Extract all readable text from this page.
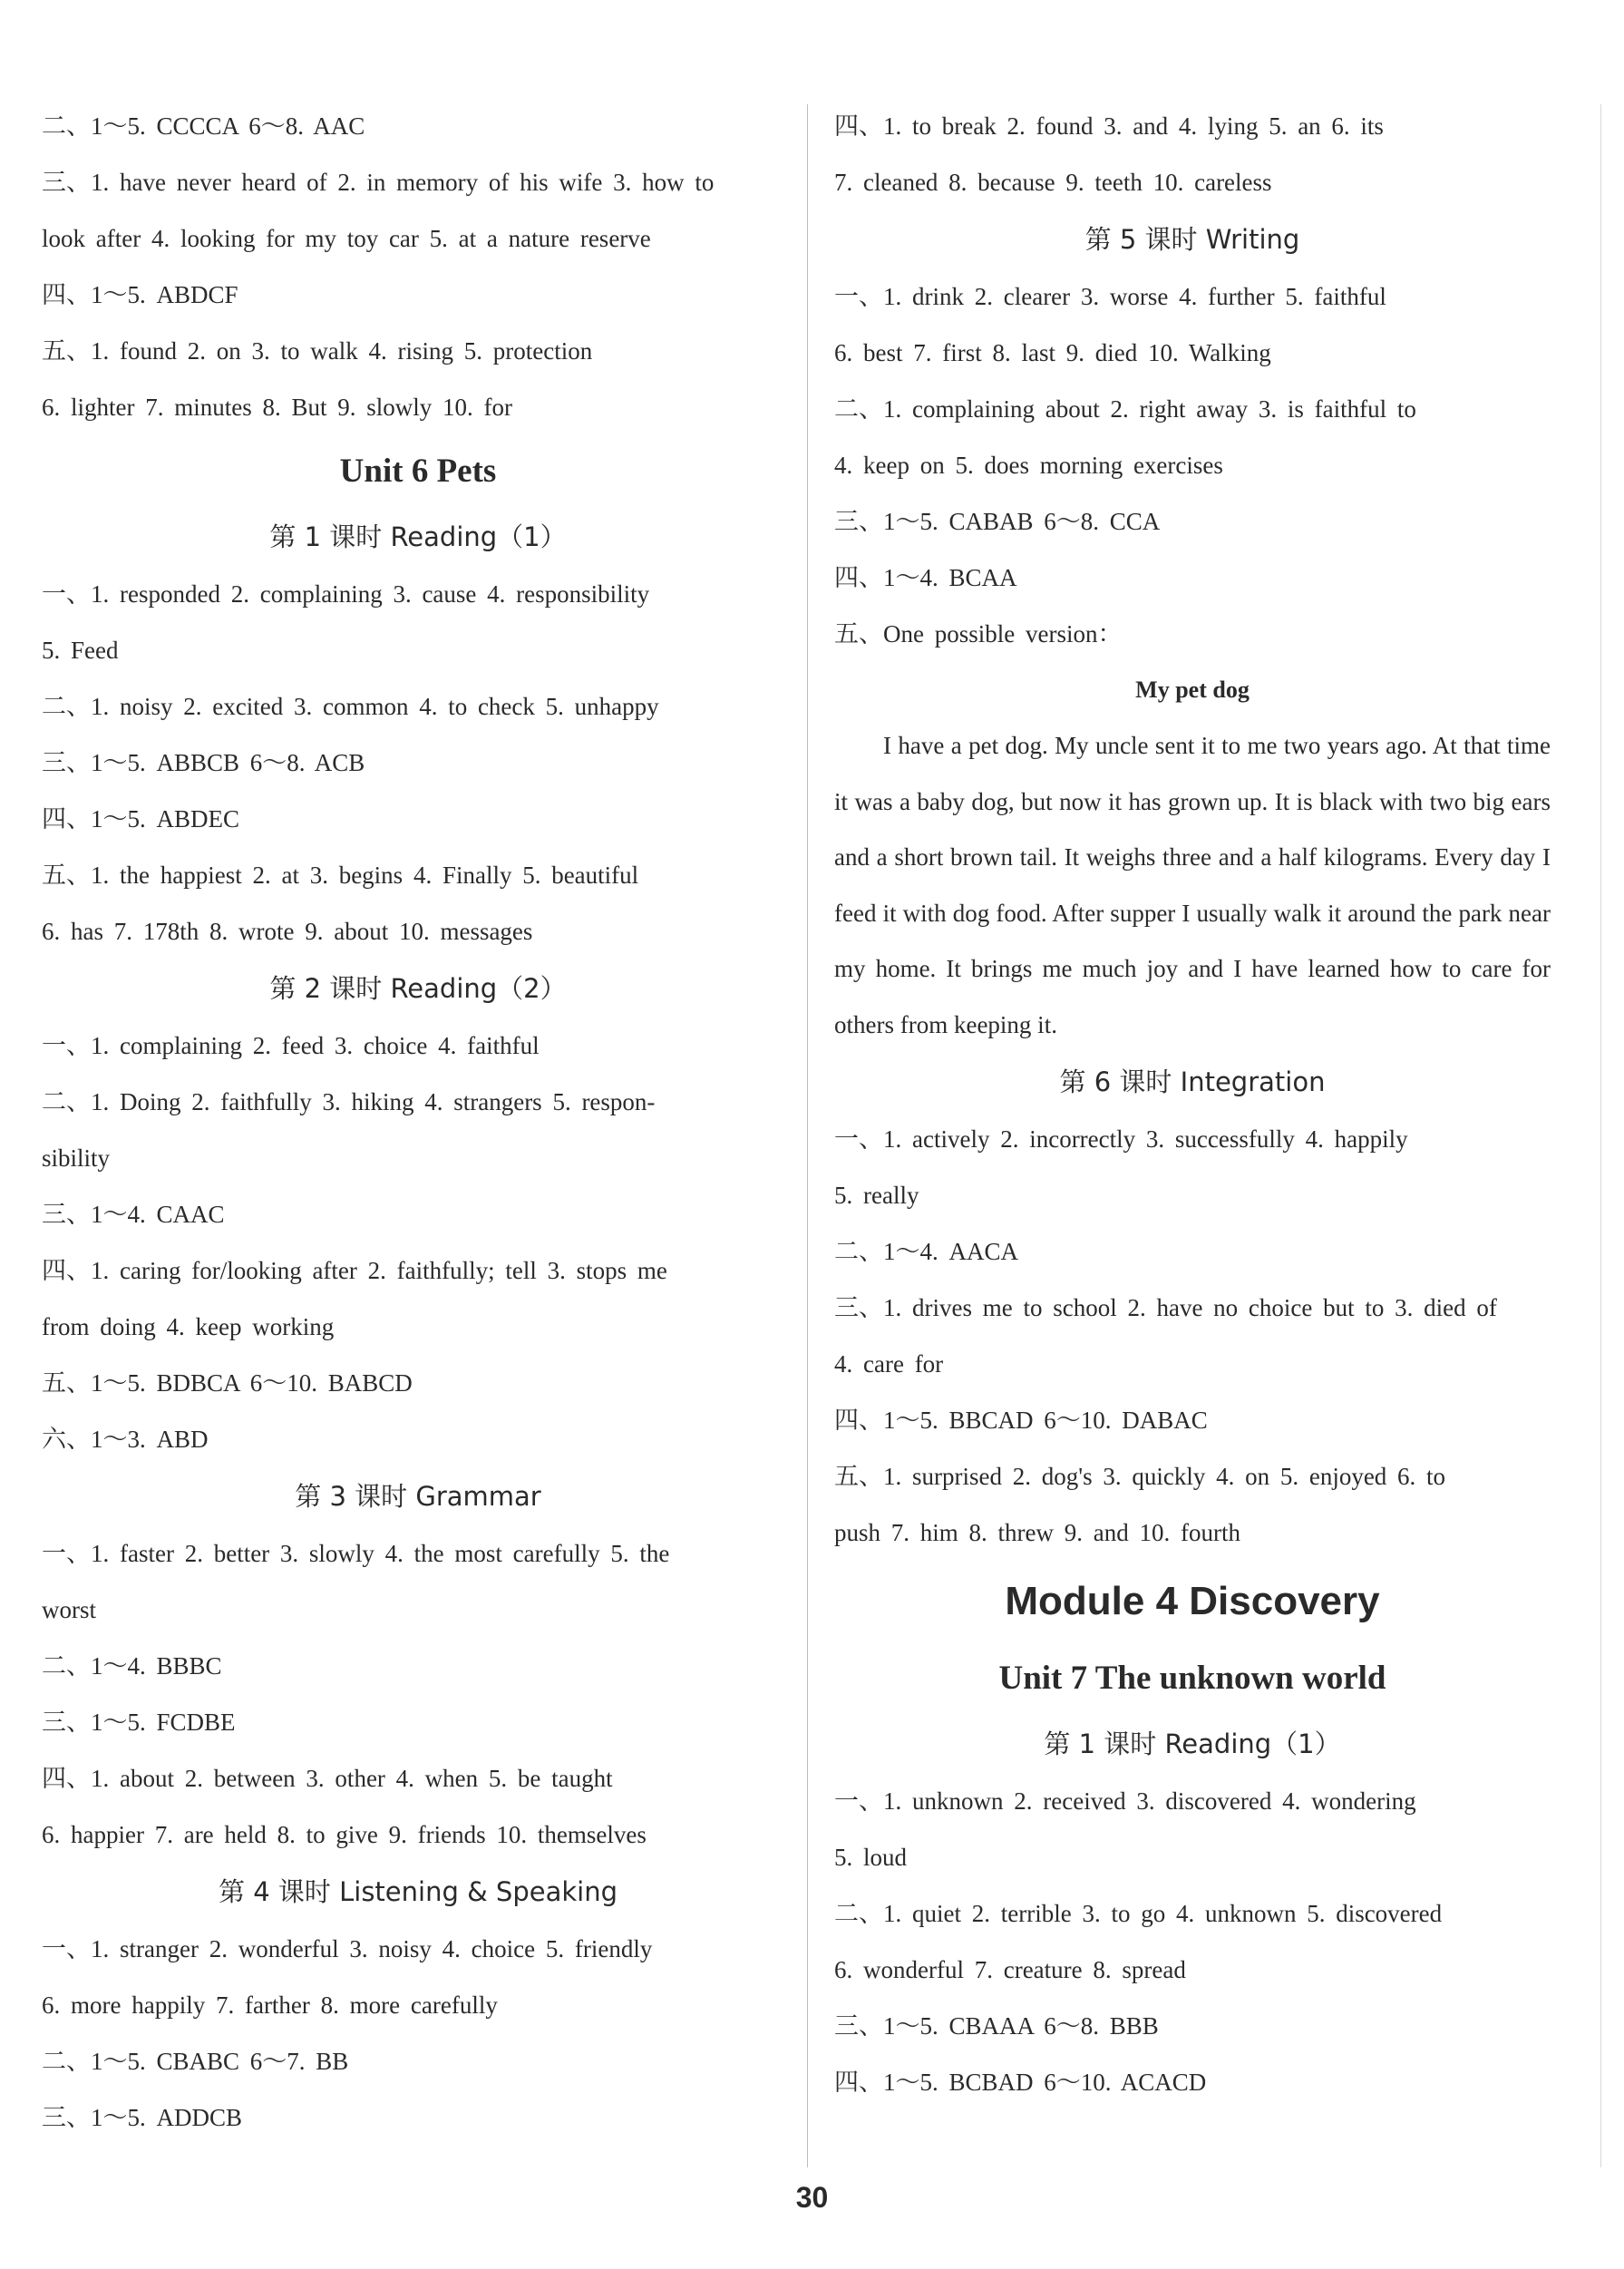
二、1～5. CCCCA 6～8. AAC
三、1. have never heard of 2. in memory of his wife 3. how to
look after 4. looking for my toy car 5. at a nature reserve
四、1～5. ABDCF
五、1. found 2. on 3. to walk 4. rising 5. protection
6. lighter 7. minutes 8. But 9. slowly 10. for
Unit 6 Pets
第 1 课时 Reading（1）
一、1. responded 2. complaining 3. cause 4. responsibility
5. Feed
二、1. noisy 2. excited 3. common 4. to check 5. unhappy
三、1～5. ABBCB 6～8. ACB
四、1～5. ABDEC
五、1. the happiest 2. at 3. begins 4. Finally 5. beautiful
6. has 7. 178th 8. wrote 9. about 10. messages
第 2 课时 Reading（2）
一、1. complaining 2. feed 3. choice 4. faithful
二、1. Doing 2. faithfully 3. hiking 4. strangers 5. respon-
sibility
三、1～4. CAAC
四、1. caring for/looking after 2. faithfully; tell 3. stops me
from doing 4. keep working
五、1～5. BDBCA 6～10. BABCD
六、1～3. ABD
第 3 课时 Grammar
一、1. faster 2. better 3. slowly 4. the most carefully 5. the
worst
二、1～4. BBBC
三、1～5. FCDBE
四、1. about 2. between 3. other 4. when 5. be taught
6. happier 7. are held 8. to give 9. friends 10. themselves
第 4 课时 Listening & Speaking
一、1. stranger 2. wonderful 3. noisy 4. choice 5. friendly
6. more happily 7. farther 8. more carefully
二、1～5. CBABC 6～7. BB
三、1～5. ADDCB
四、1. to break 2. found 3. and 4. lying 5. an 6. its
7. cleaned 8. because 9. teeth 10. careless
第 5 课时 Writing
一、1. drink 2. clearer 3. worse 4. further 5. faithful
6. best 7. first 8. last 9. died 10. Walking
二、1. complaining about 2. right away 3. is faithful to
4. keep on 5. does morning exercises
三、1～5. CABAB 6～8. CCA
四、1～4. BCAA
五、One possible version：
My pet dog

I have a pet dog. My uncle sent it to me two years ago. At that time it was a baby dog, but now it has grown up. It is black with two big ears and a short brown tail. It weighs three and a half kilograms. Every day I feed it with dog food. After supper I usually walk it around the park near my home. It brings me much joy and I have learned how to care for others from keeping it.

第 6 课时 Integration
一、1. actively 2. incorrectly 3. successfully 4. happily
5. really
二、1～4. AACA
三、1. drives me to school 2. have no choice but to 3. died of
4. care for
四、1～5. BBCAD 6～10. DABAC
五、1. surprised 2. dog's 3. quickly 4. on 5. enjoyed 6. to
push 7. him 8. threw 9. and 10. fourth
Module 4 Discovery
Unit 7 The unknown world
第 1 课时 Reading（1）
一、1. unknown 2. received 3. discovered 4. wondering
5. loud
二、1. quiet 2. terrible 3. to go 4. unknown 5. discovered
6. wonderful 7. creature 8. spread
三、1～5. CBAAA 6～8. BBB
四、1～5. BCBAD 6～10. ACACD
30
